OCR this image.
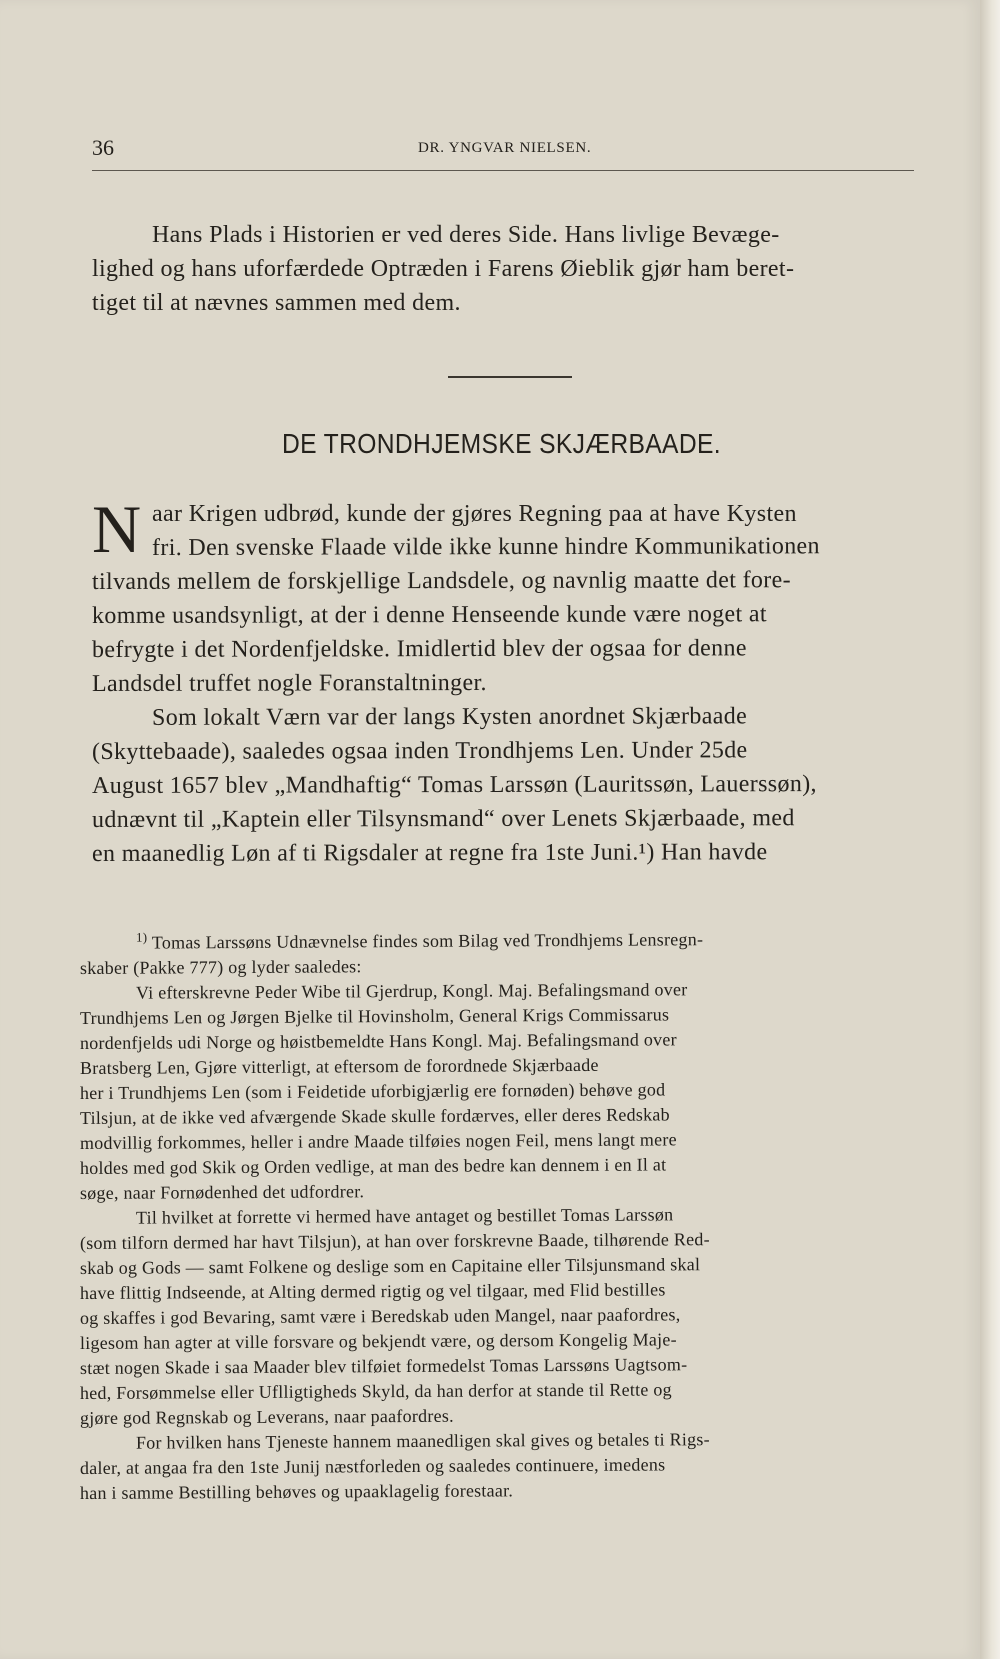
36	DR. YNGVAR NIELSEN.
Hans Plads i Historien er ved deres Side. Hans livlige Bevæge-
lighed og hans uforfærdede Optræden i Farens Øieblik gjør ham beret-
tiget til at nævnes sammen med dem.
DE TRONDHJEMSKE SKJÆRBAADE.
N aar Krigen udbrød, kunde der gjøres Regning paa at have Kysten
fri. Den svenske Flaade vilde ikke kunne hindre Kommunikationen
tilvands mellem de forskjellige Landsdele, og navnlig maatte det fore-
komme usandsynligt, at der i denne Henseende kunde være noget at
befrygte i det Nordenfjeldske. Imidlertid blev der ogsaa for denne
Landsdel truffet nogle Foranstaltninger.
Som lokalt Værn var der langs Kysten anordnet Skjærbaade
(Skyttebaade), saaledes ogsaa inden Trondhjems Len. Under 25de
August 1657 blev „Mandhaftig“ Tomas Larssøn (Lauritssøn, Lauerssøn),
udnævnt til „Kaptein eller Tilsynsmand“ over Lenets Skjærbaade, med
en maanedlig Løn af ti Rigsdaler at regne fra 1ste Juni.¹) Han havde
$^{1)}$ Tomas Larssøns Udnævnelse findes som Bilag ved Trondhjems Lensregn-
skaber (Pakke 777) og lyder saaledes:
Vi efterskrevne Peder Wibe til Gjerdrup, Kongl. Maj. Befalingsmand over
Trundhjems Len og Jørgen Bjelke til Hovinsholm, General Krigs Commissarus
nordenfjelds udi Norge og høistbemeldte Hans Kongl. Maj. Befalingsmand over
Bratsberg Len, Gjøre vitterligt, at eftersom de forordnede Skjærbaade
her i Trundhjems Len (som i Feidetide uforbigjærlig ere fornøden) behøve god
Tilsjun, at de ikke ved afværgende Skade skulle fordærves, eller deres Redskab
modvillig forkommes, heller i andre Maade tilføies nogen Feil, mens langt mere
holdes med god Skik og Orden vedlige, at man des bedre kan dennem i en Il at
søge, naar Fornødenhed det udfordrer.
Til hvilket at forrette vi hermed have antaget og bestillet Tomas Larssøn
(som tilforn dermed har havt Tilsjun), at han over forskrevne Baade, tilhørende Red-
skab og Gods — samt Folkene og deslige som en Capitaine eller Tilsjunsmand skal
have flittig Indseende, at Alting dermed rigtig og vel tilgaar, med Flid bestilles
og skaffes i god Bevaring, samt være i Beredskab uden Mangel, naar paafordres,
ligesom han agter at ville forsvare og bekjendt være, og dersom Kongelig Maje-
stæt nogen Skade i saa Maader blev tilføiet formedelst Tomas Larssøns Uagtsom-
hed, Forsømmelse eller Uflligtigheds Skyld, da han derfor at stande til Rette og
gjøre god Regnskab og Leverans, naar paafordres.
For hvilken hans Tjeneste hannem maanedligen skal gives og betales ti Rigs-
daler, at angaa fra den 1ste Junij næstforleden og saaledes continuere, imedens
han i samme Bestilling behøves og upaaklagelig forestaar.
